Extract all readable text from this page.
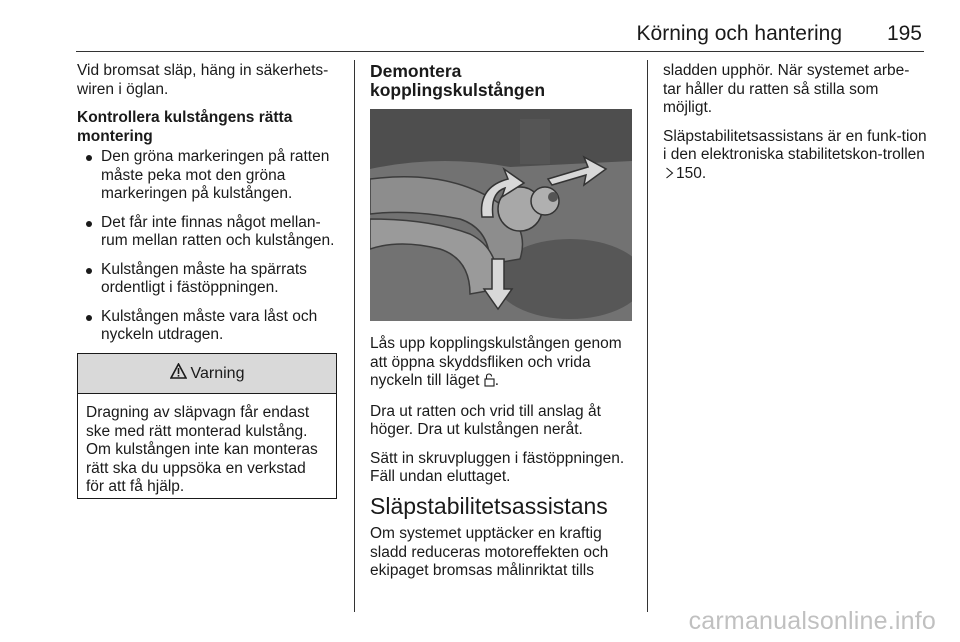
Körning och hantering 195

Vid bromsat släp, häng in säkerhets-
wiren i öglan.

Kontrollera kulstångens rätta montering

Den gröna markeringen på ratten måste peka mot den gröna markeringen på kulstången.
Det får inte finnas något mellan-rum mellan ratten och kulstången.
Kulstången måste ha spärrats ordentligt i fästöppningen.
Kulstången måste vara låst och nyckeln utdragen.
Varning
Dragning av släpvagn får endast ske med rätt monterad kulstång. Om kulstången inte kan monteras rätt ska du uppsöka en verkstad för att få hjälp.

Demontera kopplingskulstången

Lås upp kopplingskulstången genom att öppna skyddsfliken och vrida nyckeln till läget .

Dra ut ratten och vrid till anslag åt höger. Dra ut kulstången neråt.

Sätt in skruvpluggen i fästöppningen. Fäll undan eluttaget.

Släpstabilitetsassistans

Om systemet upptäcker en kraftig sladd reduceras motoreffekten och ekipaget bromsas målinriktat tills

sladden upphör. När systemet arbe-tar håller du ratten så stilla som möjligt.

Släpstabilitetsassistans är en funk-tion i den elektroniska stabilitetskon-trollen 150.

carmanualsonline.info
